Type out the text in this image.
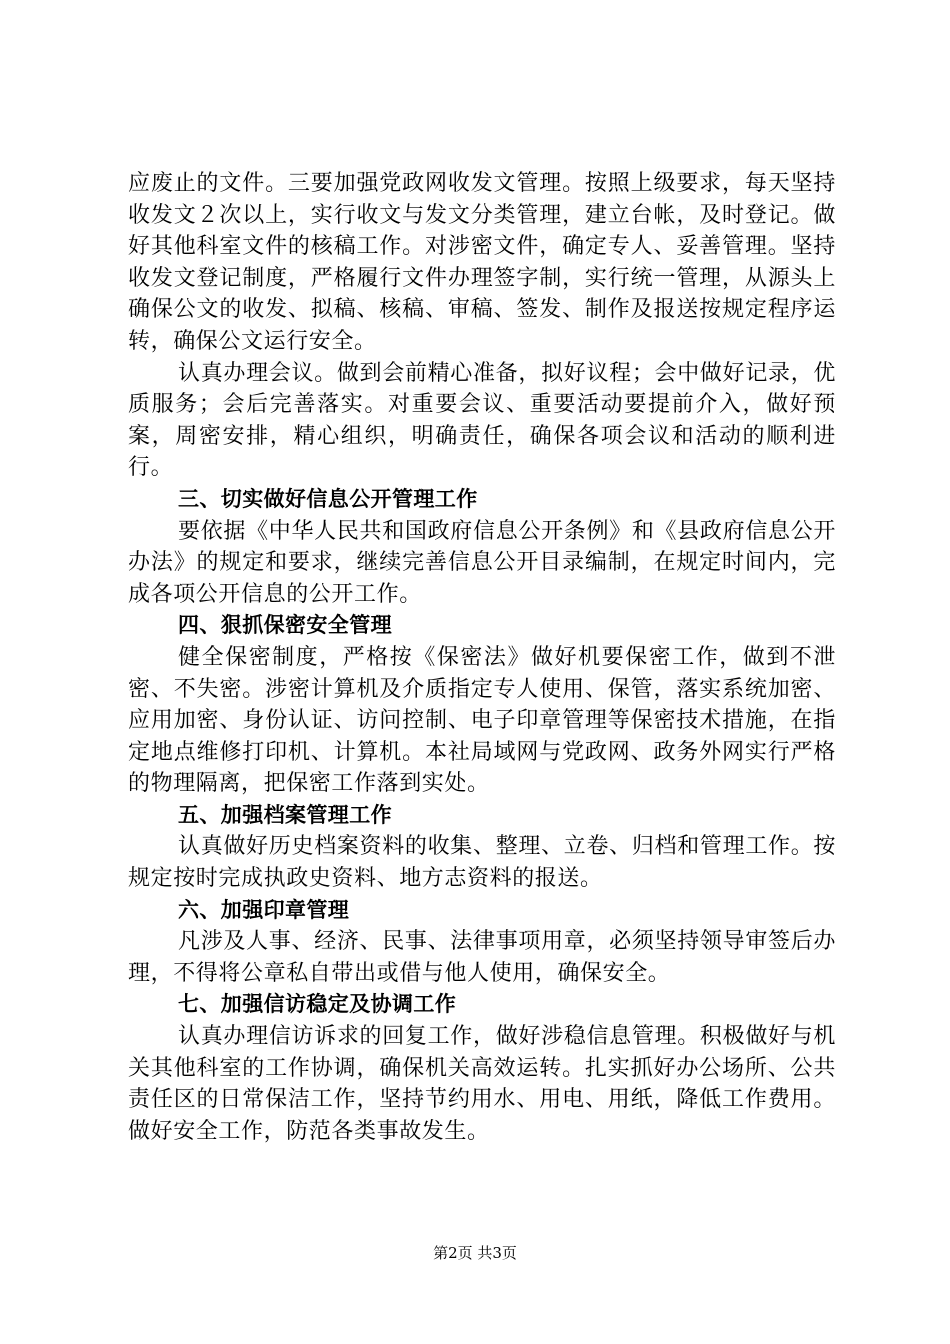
应废止的文件。三要加强党政网收发文管理。按照上级要求，每天坚持收发文２次以上，实行收文与发文分类管理，建立台帐，及时登记。做好其他科室文件的核稿工作。对涉密文件，确定专人、妥善管理。坚持收发文登记制度，严格履行文件办理签字制，实行统一管理，从源头上确保公文的收发、拟稿、核稿、审稿、签发、制作及报送按规定程序运转，确保公文运行安全。

认真办理会议。做到会前精心准备，拟好议程；会中做好记录，优质服务；会后完善落实。对重要会议、重要活动要提前介入，做好预案，周密安排，精心组织，明确责任，确保各项会议和活动的顺利进行。

三、切实做好信息公开管理工作

要依据《中华人民共和国政府信息公开条例》和《县政府信息公开办法》的规定和要求，继续完善信息公开目录编制，在规定时间内，完成各项公开信息的公开工作。

四、狠抓保密安全管理

健全保密制度，严格按《保密法》做好机要保密工作，做到不泄密、不失密。涉密计算机及介质指定专人使用、保管，落实系统加密、应用加密、身份认证、访问控制、电子印章管理等保密技术措施，在指定地点维修打印机、计算机。本社局域网与党政网、政务外网实行严格的物理隔离，把保密工作落到实处。

五、加强档案管理工作

认真做好历史档案资料的收集、整理、立卷、归档和管理工作。按规定按时完成执政史资料、地方志资料的报送。

六、加强印章管理

凡涉及人事、经济、民事、法律事项用章，必须坚持领导审签后办理，不得将公章私自带出或借与他人使用，确保安全。

七、加强信访稳定及协调工作

认真办理信访诉求的回复工作，做好涉稳信息管理。积极做好与机关其他科室的工作协调，确保机关高效运转。扎实抓好办公场所、公共责任区的日常保洁工作，坚持节约用水、用电、用纸，降低工作费用。做好安全工作，防范各类事故发生。

第2页 共3页
